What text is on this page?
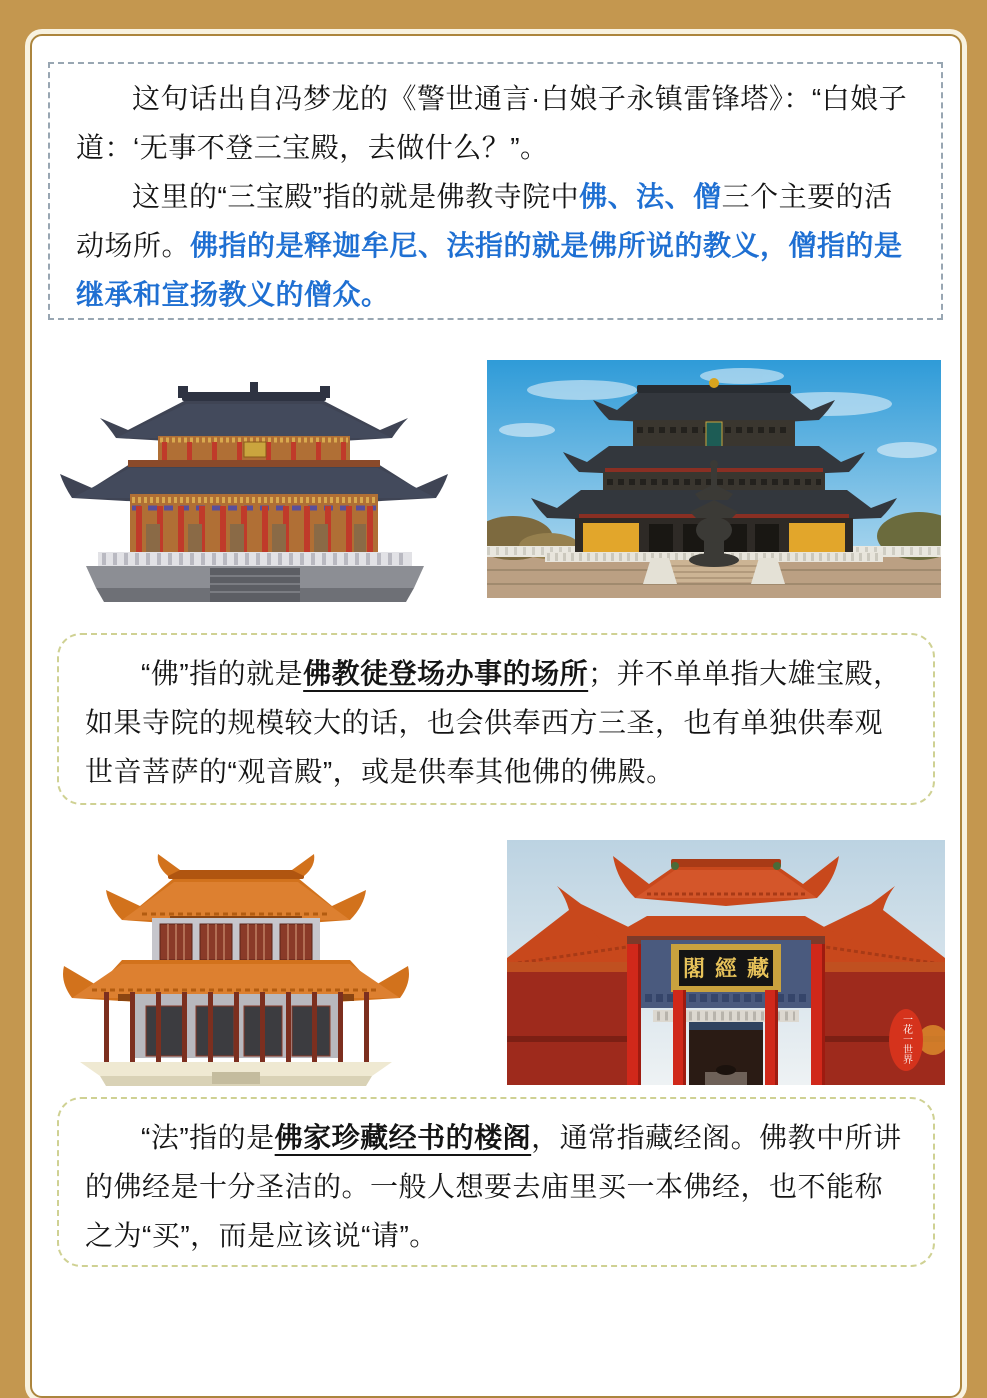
这句话出自冯梦龙的《警世通言·白娘子永镇雷锋塔》：“白娘子道：‘无事不登三宝殿，去做什么？”。

这里的“三宝殿”指的就是佛教寺院中佛、法、僧三个主要的活动场所。佛指的是释迦牟尼、法指的就是佛所说的教义，僧指的是继承和宣扬教义的僧众。

“佛”指的就是佛教徒登场办事的场所；并不单单指大雄宝殿，如果寺院的规模较大的话，也会供奉西方三圣，也有单独供奉观世音菩萨的“观音殿”，或是供奉其他佛的佛殿。

閣經藏
一花一世界

“法”指的是佛家珍藏经书的楼阁，通常指藏经阁。佛教中所讲的佛经是十分圣洁的。一般人想要去庙里买一本佛经，也不能称之为“买”，而是应该说“请”。
